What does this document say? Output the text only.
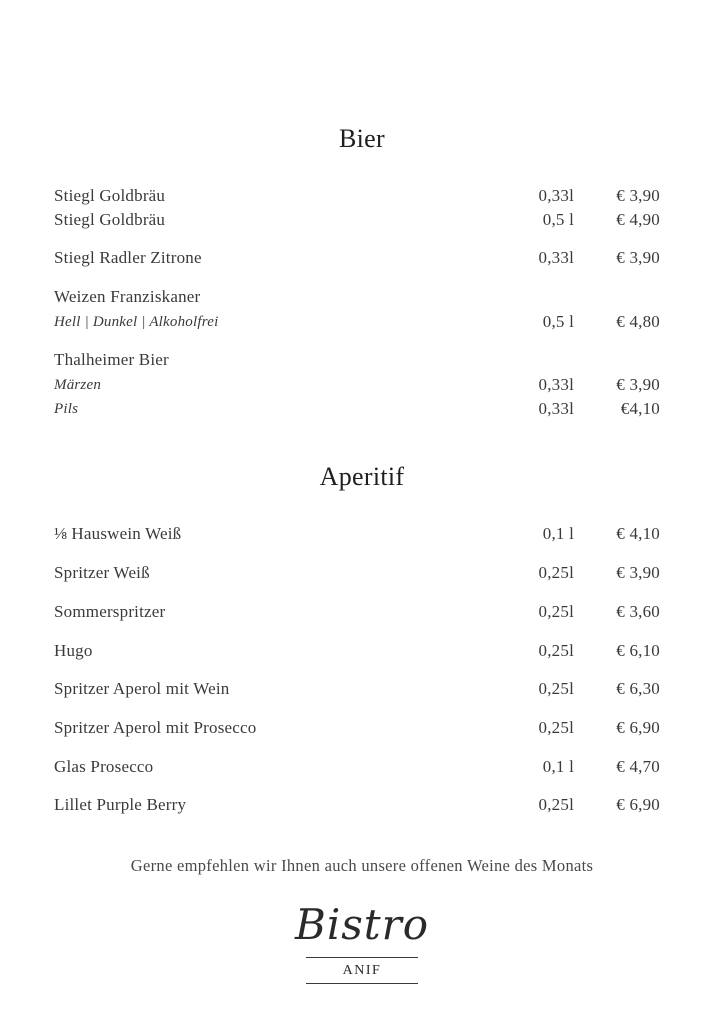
Bier
Stiegl Goldbräu	0,33l € 3,90
Stiegl Goldbräu	0,5 l € 4,90
Stiegl Radler Zitrone	0,33l € 3,90
Weizen Franziskaner
Hell | Dunkel | Alkoholfrei	0,5 l € 4,80
Thalheimer Bier
Märzen	0,33l € 3,90
Pils	0,33l	€4,10
Aperitif
⅛ Hauswein Weiß	0,1 l € 4,10
Spritzer Weiß	0,25l € 3,90
Sommerspritzer	0,25l € 3,60
Hugo	0,25l € 6,10
Spritzer Aperol mit Wein	0,25l € 6,30
Spritzer Aperol mit Prosecco	0,25l € 6,90
Glas Prosecco	0,1 l € 4,70
Lillet Purple Berry	0,25l € 6,90
Gerne empfehlen wir Ihnen auch unsere offenen Weine des Monats
Bistro
ANIF
